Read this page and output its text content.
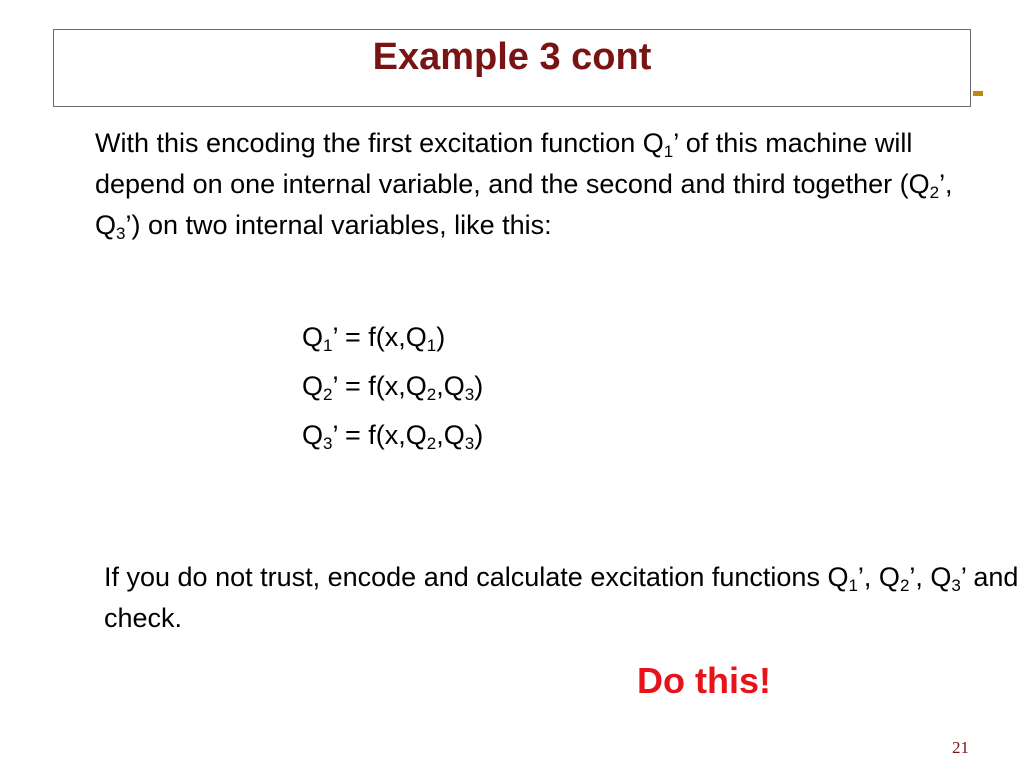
Example 3 cont
With this encoding the first excitation function $Q_1$’ of this machine will depend on one internal variable, and the second and third together ($Q_2$’, $Q_3$’) on two internal variables, like this:
$Q_1$’ = $f(x,Q_1)$
$Q_2$’ = $f(x,Q_2,Q_3)$
$Q_3$’ = $f(x,Q_2,Q_3)$
If you do not trust, encode and calculate excitation functions $Q_1$’, $Q_2$’, $Q_3$’ and check.
Do this!
21
